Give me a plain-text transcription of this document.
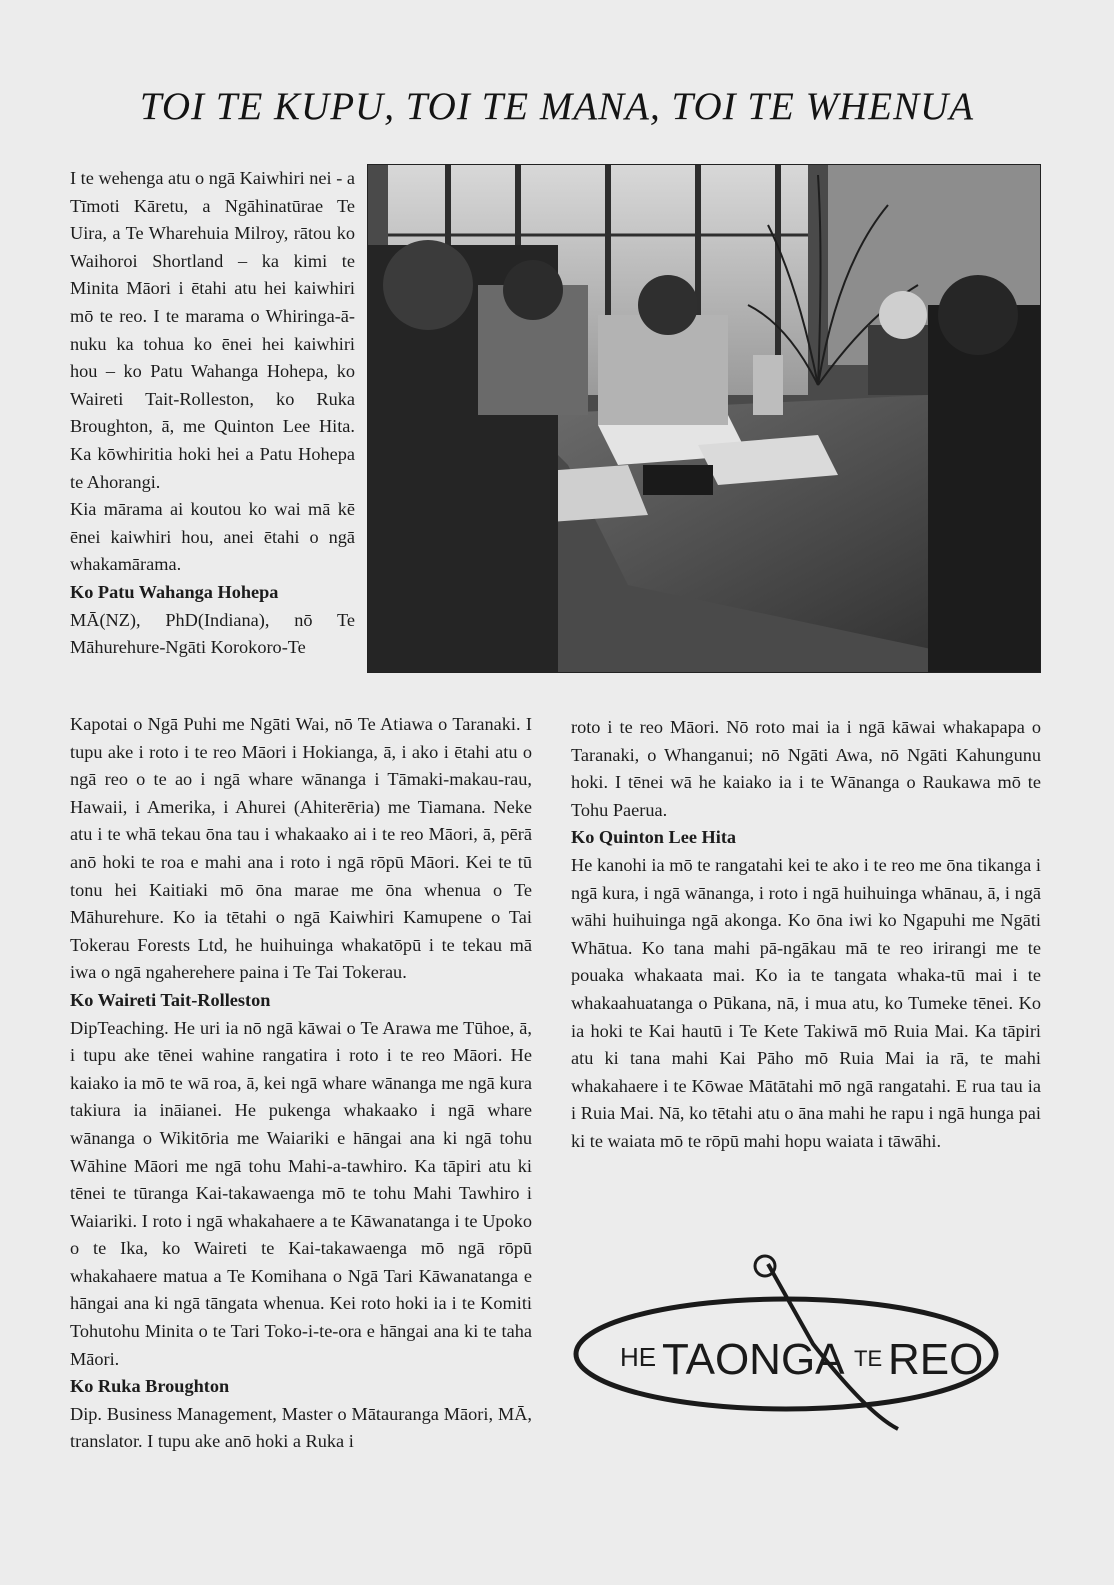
TOI TE KUPU, TOI TE MANA, TOI TE WHENUA

I te wehenga atu o ngā Kaiwhiri nei - a Tīmoti Kāretu, a Ngāhinatūrae Te Uira, a Te Wharehuia Milroy, rātou ko Waihoroi Shortland – ka kimi te Minita Māori i ētahi atu hei kaiwhiri mō te reo. I te marama o Whiringa-ā-nuku ka tohua ko ēnei hei kaiwhiri hou – ko Patu Wahanga Hohepa, ko Waireti Tait-Rolleston, ko Ruka Broughton, ā, me Quinton Lee Hita. Ka kōwhiritia hoki hei a Patu Hohepa te Ahorangi.

Kia mārama ai koutou ko wai mā kē ēnei kaiwhiri hou, anei ētahi o ngā whakamārama.

Ko Patu Wahanga Hohepa

MĀ(NZ), PhD(Indiana), nō Te Māhurehure-Ngāti Korokoro-Te

Kapotai o Ngā Puhi me Ngāti Wai, nō Te Atiawa o Taranaki. I tupu ake i roto i te reo Māori i Hokianga, ā, i ako i ētahi atu o ngā reo o te ao i ngā whare wānanga i Tāmaki-makau-rau, Hawaii, i Amerika, i Ahurei (Ahiterēria) me Tiamana. Neke atu i te whā tekau ōna tau i whakaako ai i te reo Māori, ā, pērā anō hoki te roa e mahi ana i roto i ngā rōpū Māori. Kei te tū tonu hei Kaitiaki mō ōna marae me ōna whenua o Te Māhurehure. Ko ia tētahi o ngā Kaiwhiri Kamupene o Tai Tokerau Forests Ltd, he huihuinga whakatōpū i te tekau mā iwa o ngā ngaherehere paina i Te Tai Tokerau.

Ko Waireti Tait-Rolleston

DipTeaching. He uri ia nō ngā kāwai o Te Arawa me Tūhoe, ā, i tupu ake tēnei wahine rangatira i roto i te reo Māori. He kaiako ia mō te wā roa, ā, kei ngā whare wānanga me ngā kura takiura ia ināianei. He pukenga whakaako i ngā whare wānanga o Wikitōria me Waiariki e hāngai ana ki ngā tohu Wāhine Māori me ngā tohu Mahi-a-tawhiro. Ka tāpiri atu ki tēnei te tūranga Kai-takawaenga mō te tohu Mahi Tawhiro i Waiariki. I roto i ngā whakahaere a te Kāwanatanga i te Upoko o te Ika, ko Waireti te Kai-takawaenga mō ngā rōpū whakahaere matua a Te Komihana o Ngā Tari Kāwanatanga e hāngai ana ki ngā tāngata whenua. Kei roto hoki ia i te Komiti Tohutohu Minita o te Tari Toko-i-te-ora e hāngai ana ki te taha Māori.

Ko Ruka Broughton

Dip. Business Management, Master o Mātauranga Māori, MĀ, translator. I tupu ake anō hoki a Ruka i

roto i te reo Māori. Nō roto mai ia i ngā kāwai whakapapa o Taranaki, o Whanganui; nō Ngāti Awa, nō Ngāti Kahungunu hoki. I tēnei wā he kaiako ia i te Wānanga o Raukawa mō te Tohu Paerua.

Ko Quinton Lee Hita

He kanohi ia mō te rangatahi kei te ako i te reo me ōna tikanga i ngā kura, i ngā wānanga, i roto i ngā huihuinga whānau, ā, i ngā wāhi huihuinga ngā akonga. Ko ōna iwi ko Ngapuhi me Ngāti Whātua. Ko tana mahi pā-ngākau mā te reo irirangi me te pouaka whakaata mai. Ko ia te tangata whaka-tū mai i te whakaahuatanga o Pūkana, nā, i mua atu, ko Tumeke tēnei. Ko ia hoki te Kai hautū i Te Kete Takiwā mō Ruia Mai. Ka tāpiri atu ki tana mahi Kai Pāho mō Ruia Mai ia rā, te mahi whakahaere i te Kōwae Mātātahi mō ngā rangatahi. E rua tau ia i Ruia Mai. Nā, ko tētahi atu o āna mahi he rapu i ngā hunga pai ki te waiata mō te rōpū mahi hopu waiata i tāwāhi.

HE TAONGA TE REO
